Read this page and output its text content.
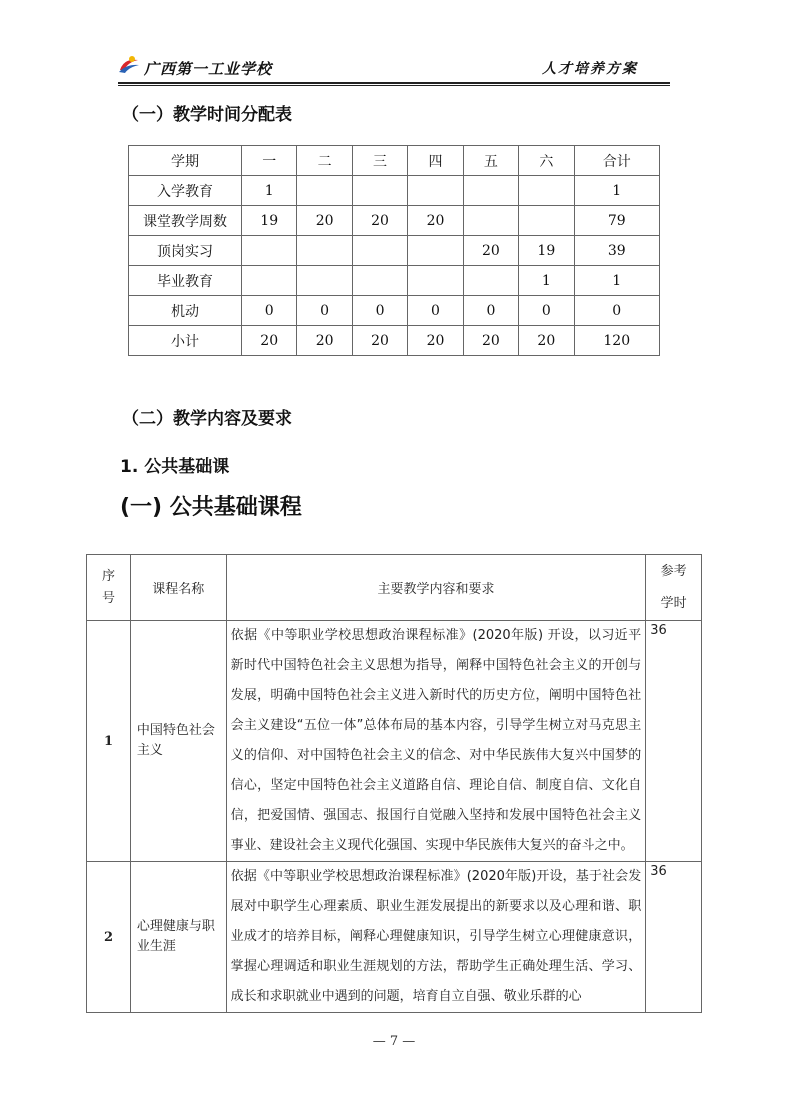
广西第一工业学校	人才培养方案
（一）教学时间分配表
学期	一	二	三	四	五	六	合计
入学教育	1						1
课堂教学周数	19	20	20	20			79
顶岗实习					20	19	39
毕业教育						1	1
机动	0	0	0	0	0	0	0
小计	20	20	20	20	20	20	120
（二）教学内容及要求
1. 公共基础课
(一) 公共基础课程
序号	课程名称	主要教学内容和要求	参考学时

1	中国特色社会主义	依据《中等职业学校思想政治课程标准》(2020年版) 开设，以习近平新时代中国特色社会主义思想为指导，阐释中国特色社会主义的开创与发展，明确中国特色社会主义进入新时代的历史方位，阐明中国特色社会主义建设“五位一体”总体布局的基本内容，引导学生树立对马克思主义的信仰、对中国特色社会主义的信念、对中华民族伟大复兴中国梦的信心，坚定中国特色社会主义道路自信、理论自信、制度自信、文化自信，把爱国情、强国志、报国行自觉融入坚持和发展中国特色社会主义事业、建设社会主义现代化强国、实现中华民族伟大复兴的奋斗之中。	36
2	心理健康与职业生涯	依据《中等职业学校思想政治课程标准》(2020年版)开设，基于社会发展对中职学生心理素质、职业生涯发展提出的新要求以及心理和谐、职业成才的培养目标，阐释心理健康知识，引导学生树立心理健康意识，掌握心理调适和职业生涯规划的方法，帮助学生正确处理生活、学习、成长和求职就业中遇到的问题，培育自立自强、敬业乐群的心	36
— 7 —
